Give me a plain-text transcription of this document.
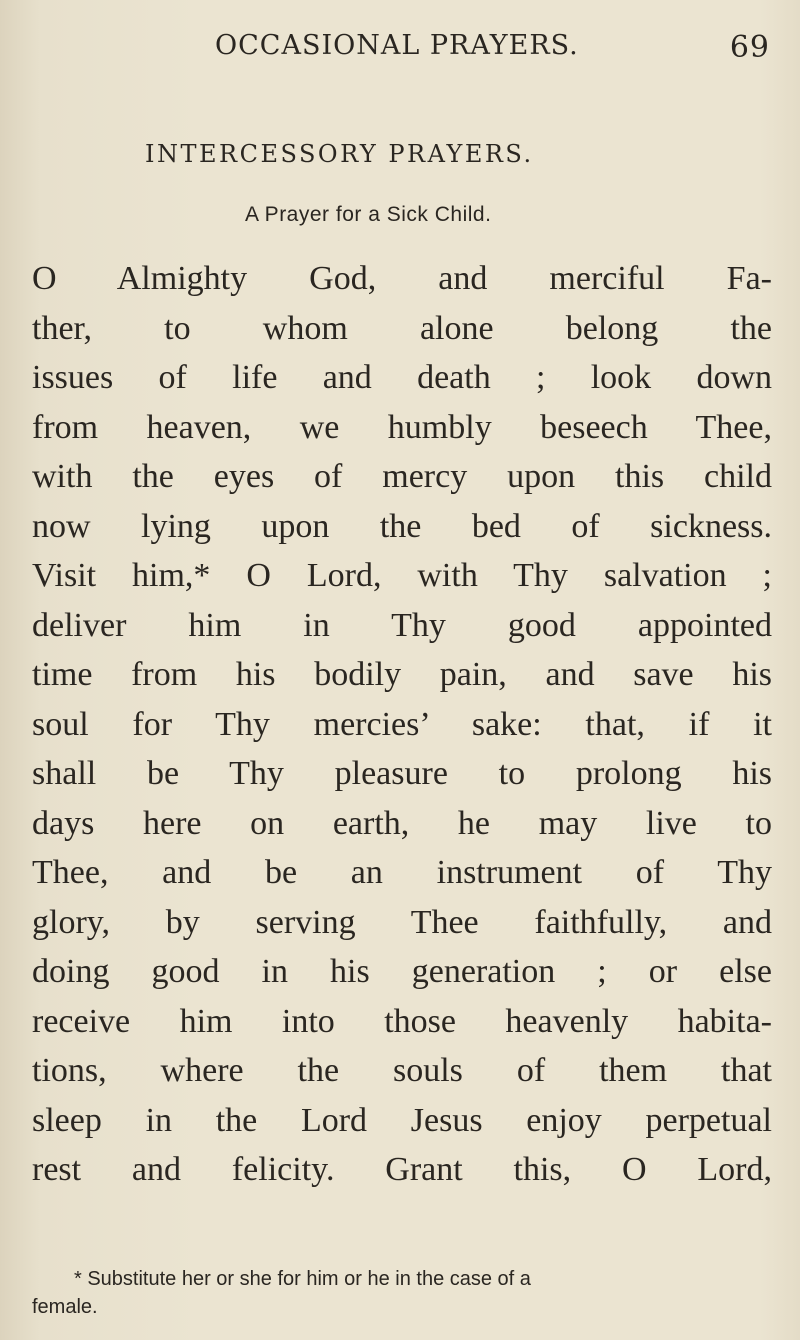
OCCASIONAL PRAYERS.	69
INTERCESSORY PRAYERS.
A Prayer for a Sick Child.
O Almighty God, and merciful Fa-
ther, to whom alone belong the
issues of life and death ; look down
from heaven, we humbly beseech Thee,
with the eyes of mercy upon this child
now lying upon the bed of sickness.
Visit him,* O Lord, with Thy salvation ;
deliver him in Thy good appointed
time from his bodily pain, and save his
soul for Thy mercies’ sake: that, if it
shall be Thy pleasure to prolong his
days here on earth, he may live to
Thee, and be an instrument of Thy
glory, by serving Thee faithfully, and
doing good in his generation ; or else
receive him into those heavenly habita-
tions, where the souls of them that
sleep in the Lord Jesus enjoy perpetual
rest and felicity. Grant this, O Lord,
* Substitute her or she for him or he in the case of a
female.
